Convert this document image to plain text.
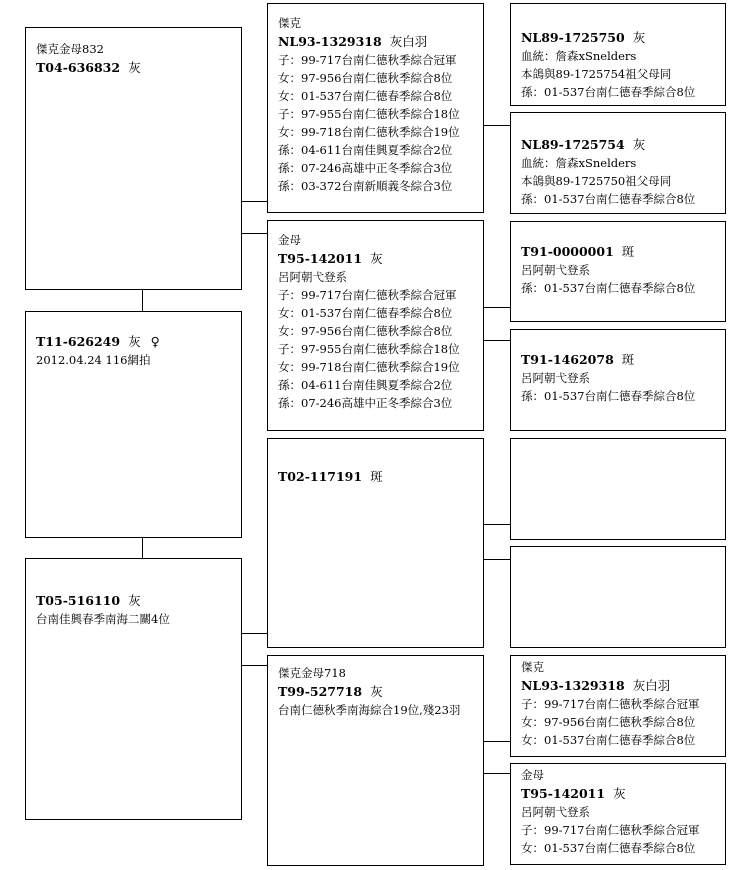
傑克金母832
T04-636832 灰
T11-626249 灰 ♀
2012.04.24 116網拍
T05-516110 灰
台南佳興春季南海二關4位
傑克
NL93-1329318 灰白羽
子：99-717台南仁德秋季綜合冠軍
女：97-956台南仁德秋季綜合8位
女：01-537台南仁德春季綜合8位
子：97-955台南仁德秋季綜合18位
女：99-718台南仁德秋季綜合19位
孫：04-611台南佳興夏季綜合2位
孫：07-246高雄中正冬季綜合3位
孫：03-372台南新順義冬綜合3位
金母
T95-142011 灰
呂阿朝弋登系
子：99-717台南仁德秋季綜合冠軍
女：01-537台南仁德春季綜合8位
女：97-956台南仁德秋季綜合8位
子：97-955台南仁德秋季綜合18位
女：99-718台南仁德秋季綜合19位
孫：04-611台南佳興夏季綜合2位
孫：07-246高雄中正冬季綜合3位
T02-117191 斑
傑克金母718
T99-527718 灰
台南仁德秋季南海綜合19位,殘23羽
NL89-1725750 灰
血統：詹森xSnelders
本鴿與89-1725754祖父母同
孫：01-537台南仁德春季綜合8位
NL89-1725754 灰
血統：詹森xSnelders
本鴿與89-1725750祖父母同
孫：01-537台南仁德春季綜合8位
T91-0000001 斑
呂阿朝弋登系
孫：01-537台南仁德春季綜合8位
T91-1462078 斑
呂阿朝弋登系
孫：01-537台南仁德春季綜合8位
傑克
NL93-1329318 灰白羽
子：99-717台南仁德秋季綜合冠軍
女：97-956台南仁德秋季綜合8位
女：01-537台南仁德春季綜合8位
金母
T95-142011 灰
呂阿朝弋登系
子：99-717台南仁德秋季綜合冠軍
女：01-537台南仁德春季綜合8位
